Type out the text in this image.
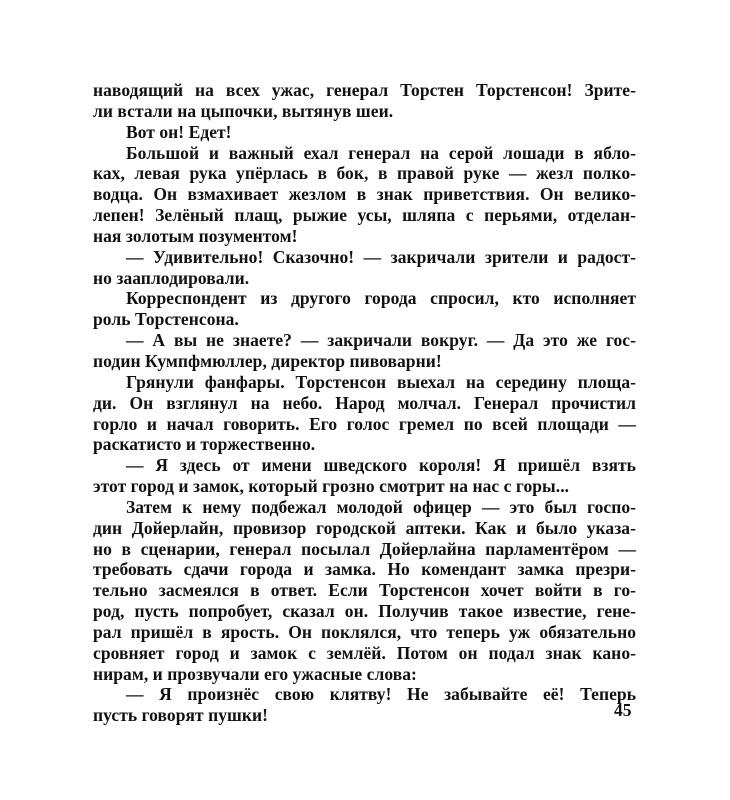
наводящий на всех ужас, генерал Торстен Торстенсон! Зрите-
ли встали на цыпочки, вытянув шеи.
Вот он! Едет!
Большой и важный ехал генерал на серой лошади в ябло-
ках, левая рука упёрлась в бок, в правой руке — жезл полко-
водца. Он взмахивает жезлом в знак приветствия. Он велико-
лепен! Зелёный плащ, рыжие усы, шляпа с перьями, отделан-
ная золотым позументом!
— Удивительно! Сказочно! — закричали зрители и радост-
но зааплодировали.
Корреспондент из другого города спросил, кто исполняет
роль Торстенсона.
— А вы не знаете? — закричали вокруг. — Да это же гос-
подин Кумпфмюллер, директор пивоварни!
Грянули фанфары. Торстенсон выехал на середину площа-
ди. Он взглянул на небо. Народ молчал. Генерал прочистил
горло и начал говорить. Его голос гремел по всей площади —
раскатисто и торжественно.
— Я здесь от имени шведского короля! Я пришёл взять
этот город и замок, который грозно смотрит на нас с горы...
Затем к нему подбежал молодой офицер — это был госпо-
дин Дойерлайн, провизор городской аптеки. Как и было указа-
но в сценарии, генерал посылал Дойерлайна парламентёром —
требовать сдачи города и замка. Но комендант замка презри-
тельно засмеялся в ответ. Если Торстенсон хочет войти в го-
род, пусть попробует, сказал он. Получив такое известие, гене-
рал пришёл в ярость. Он поклялся, что теперь уж обязательно
сровняет город и замок с землёй. Потом он подал знак кано-
нирам, и прозвучали его ужасные слова:
— Я произнёс свою клятву! Не забывайте её! Теперь
пусть говорят пушки!	45
